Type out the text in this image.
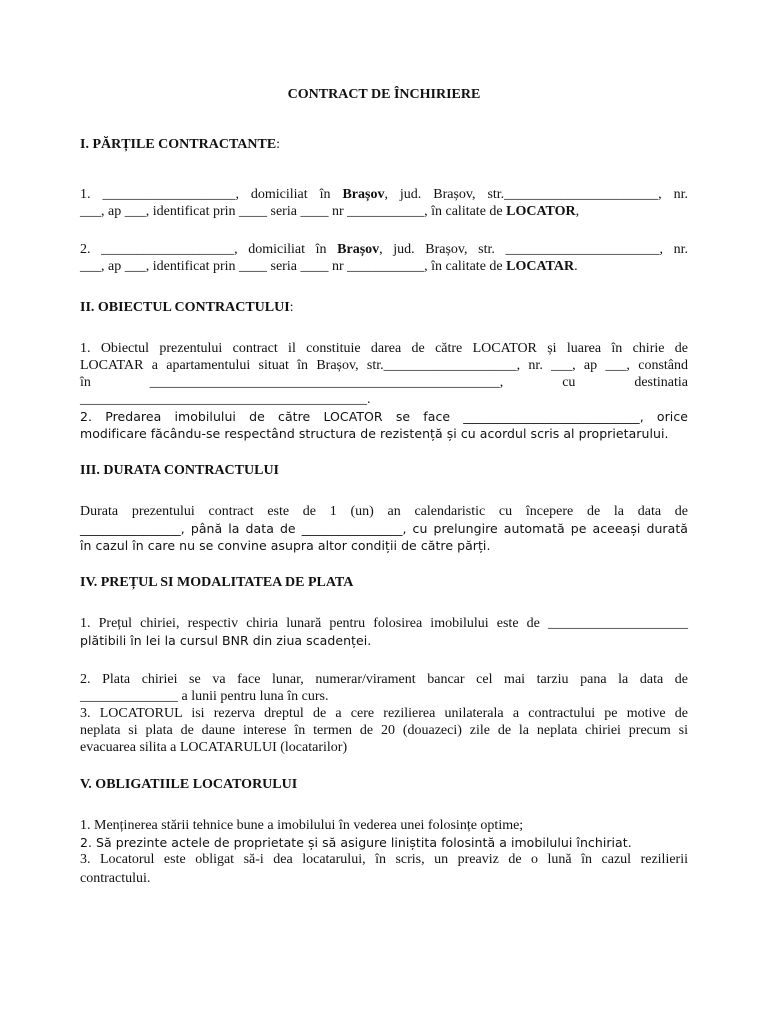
CONTRACT DE ÎNCHIRIERE
I. PĂRȚILE CONTRACTANTE:
1. ___________________, domiciliat în Brașov, jud. Brașov, str.______________________, nr.
___, ap ___, identificat prin ____ seria ____ nr ___________, în calitate de LOCATOR,
2. ___________________, domiciliat în Brașov, jud. Brașov, str. ______________________, nr.
___, ap ___, identificat prin ____ seria ____ nr ___________, în calitate de LOCATAR.
II. OBIECTUL CONTRACTULUI:
1. Obiectul prezentului contract il constituie darea de către LOCATOR și luarea în chirie de
LOCATAR a apartamentului situat în Brașov, str.___________________, nr. ___, ap ___, constând
în __________________________________________________, cu destinatia
_________________________________________.
2. Predarea imobilului de către LOCATOR se face ____________________________, orice
modificare făcându-se respectând structura de rezistență și cu acordul scris al proprietarului.
III. DURATA CONTRACTULUI
Durata prezentului contract este de 1 (un) an calendaristic cu începere de la data de
________________, până la data de ________________, cu prelungire automată pe aceeași durată
în cazul în care nu se convine asupra altor condiții de către părți.
IV. PREȚUL SI MODALITATEA DE PLATA
1. Prețul chiriei, respectiv chiria lunară pentru folosirea imobilului este de ____________________
plătibili în lei la cursul BNR din ziua scadenței.
2. Plata chiriei se va face lunar, numerar/virament bancar cel mai tarziu pana la data de
______________ a lunii pentru luna în curs.
3. LOCATORUL isi rezerva dreptul de a cere rezilierea unilaterala a contractului pe motive de
neplata si plata de daune interese în termen de 20 (douazeci) zile de la neplata chiriei precum si
evacuarea silita a LOCATARULUI (locatarilor)
V. OBLIGATIILE LOCATORULUI
1. Menținerea stării tehnice bune a imobilului în vederea unei folosințe optime;
2. Să prezinte actele de proprietate și să asigure liniștita folosintă a imobilului închiriat.
3. Locatorul este obligat să-i dea locatarului, în scris, un preaviz de o lună în cazul rezilierii
contractului.
